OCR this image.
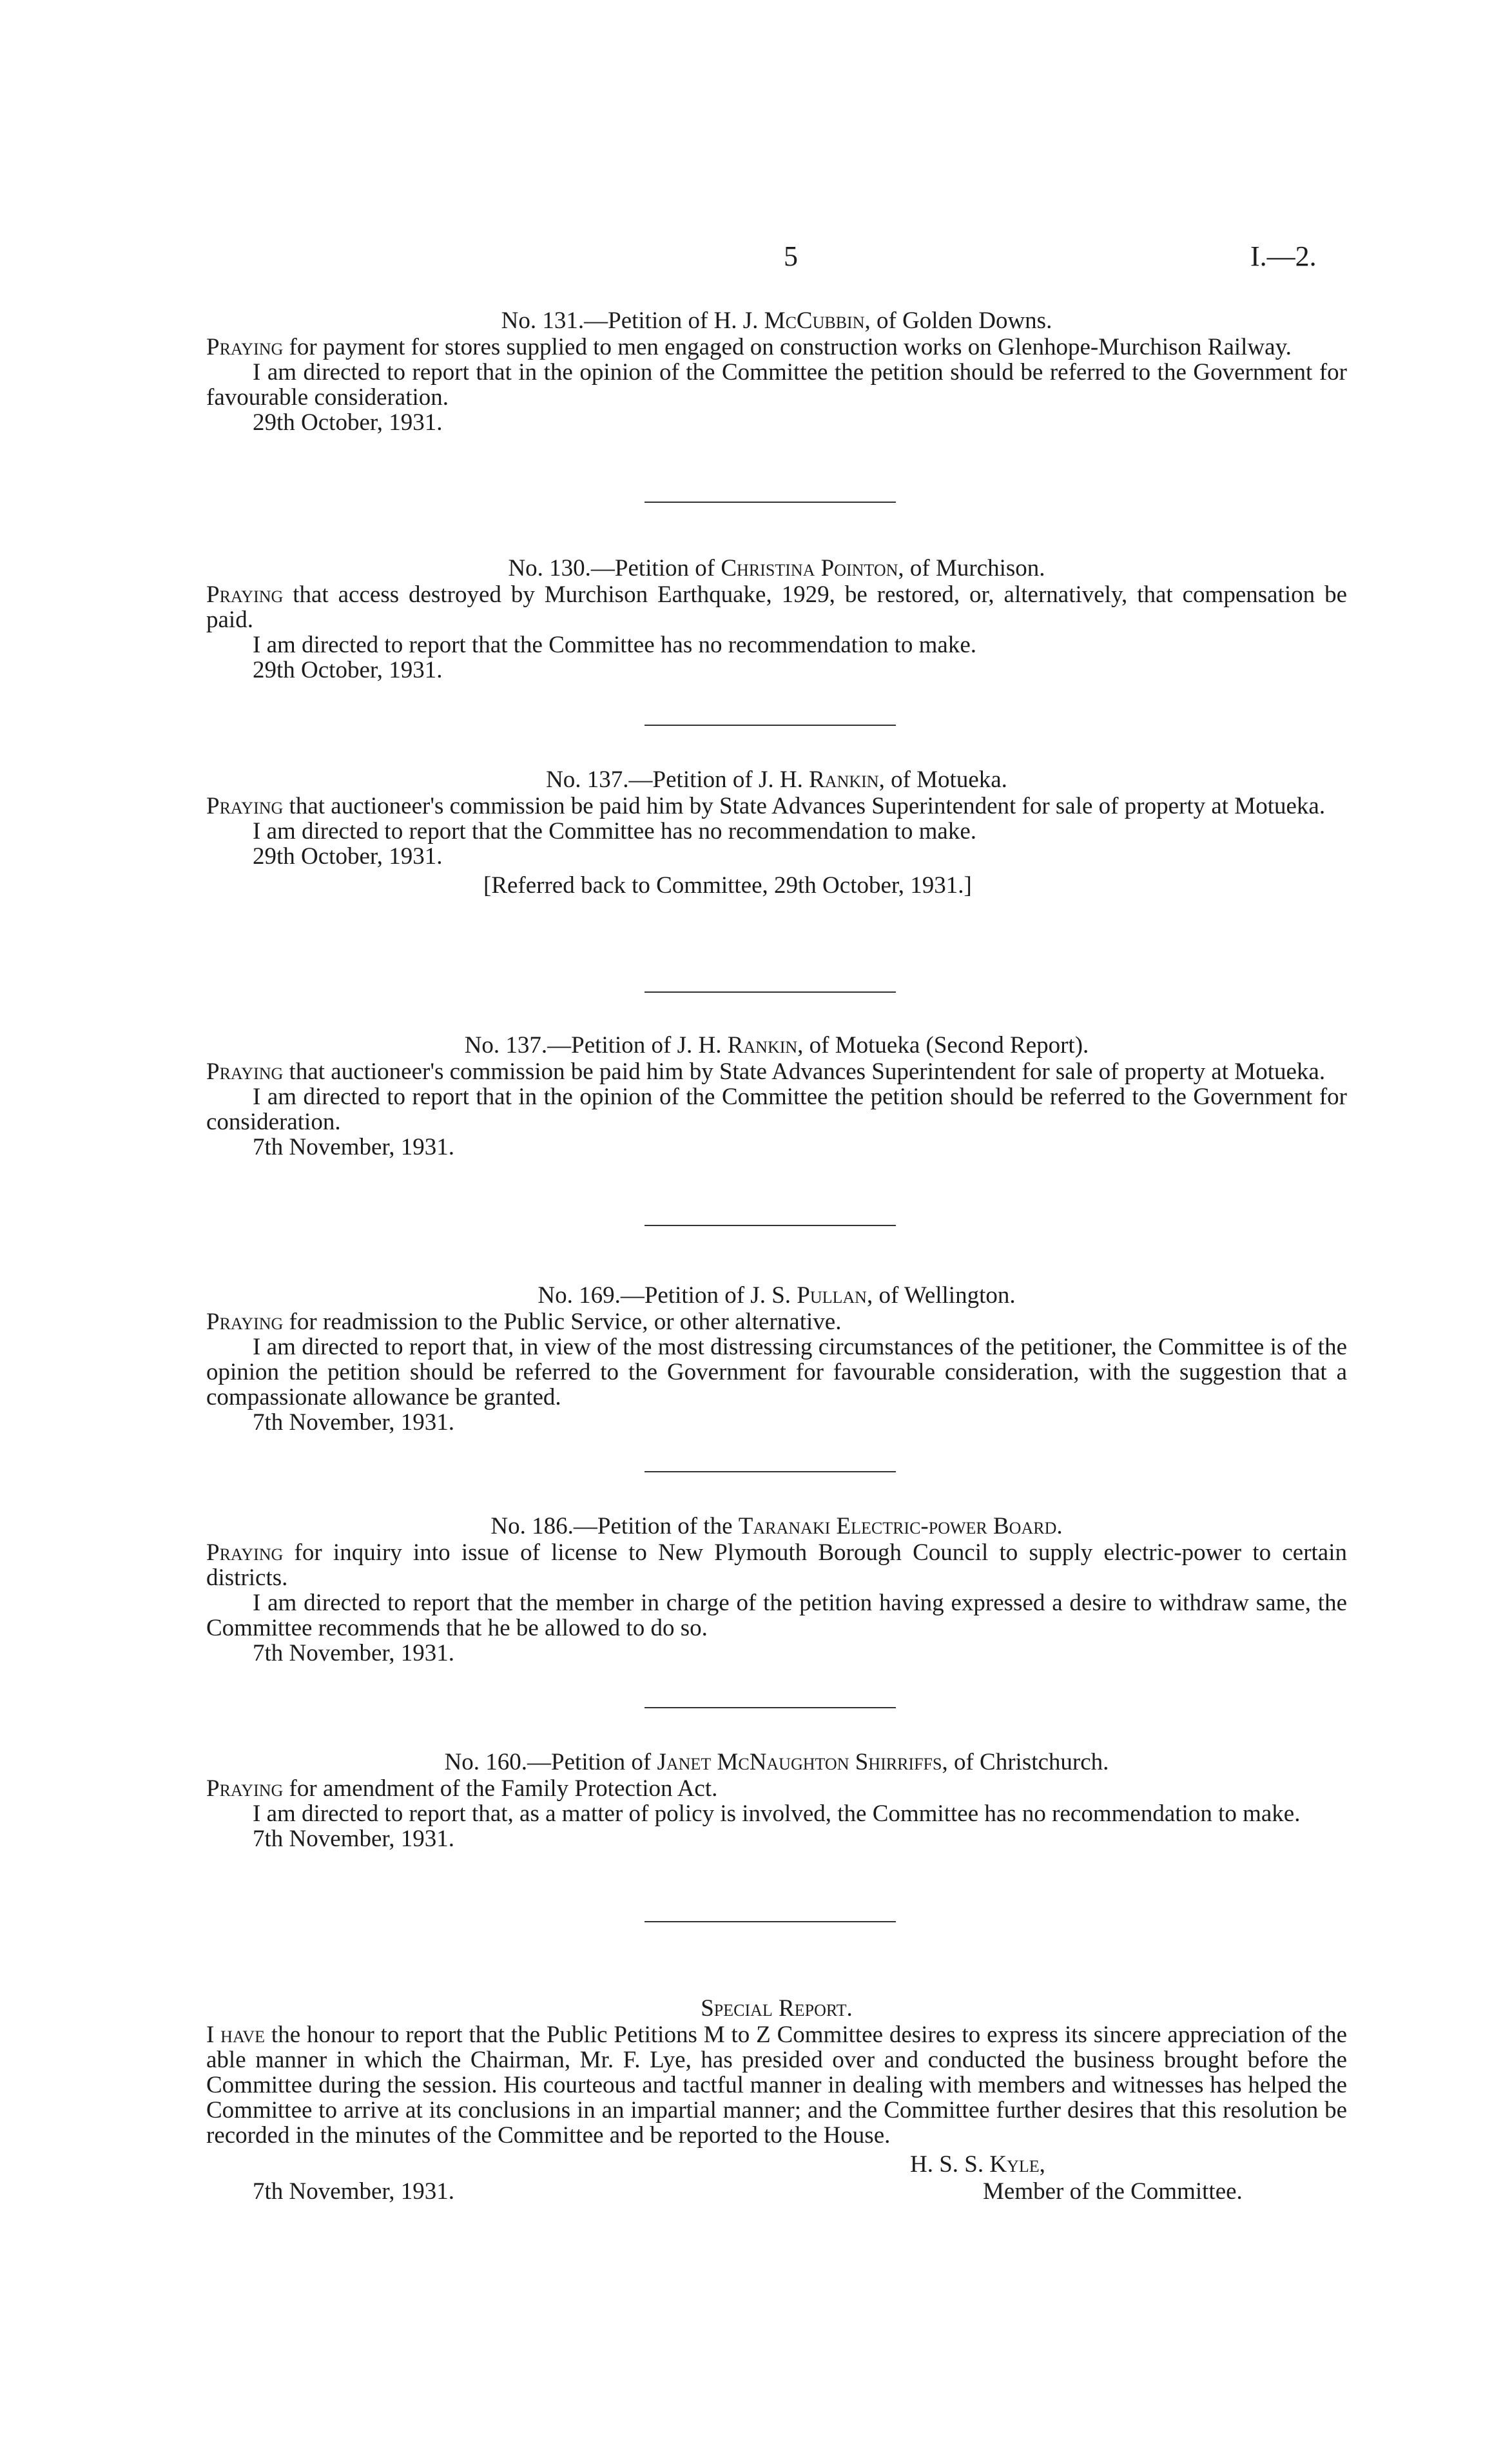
5	I.—2.
No. 131.—Petition of H. J. McCubbin, of Golden Downs.

Praying for payment for stores supplied to men engaged on construction works on Glenhope-Murchison Railway.

I am directed to report that in the opinion of the Committee the petition should be referred to the Government for favourable consideration.

29th October, 1931.

No. 130.—Petition of Christina Pointon, of Murchison.

Praying that access destroyed by Murchison Earthquake, 1929, be restored, or, alternatively, that compensation be paid.

I am directed to report that the Committee has no recommendation to make.

29th October, 1931.

No. 137.—Petition of J. H. Rankin, of Motueka.

Praying that auctioneer's commission be paid him by State Advances Superintendent for sale of property at Motueka.

I am directed to report that the Committee has no recommendation to make.

29th October, 1931.

[Referred back to Committee, 29th October, 1931.]

No. 137.—Petition of J. H. Rankin, of Motueka (Second Report).

Praying that auctioneer's commission be paid him by State Advances Superintendent for sale of property at Motueka.

I am directed to report that in the opinion of the Committee the petition should be referred to the Government for consideration.

7th November, 1931.

No. 169.—Petition of J. S. Pullan, of Wellington.

Praying for readmission to the Public Service, or other alternative.

I am directed to report that, in view of the most distressing circumstances of the petitioner, the Committee is of the opinion the petition should be referred to the Government for favourable consideration, with the suggestion that a compassionate allowance be granted.

7th November, 1931.

No. 186.—Petition of the Taranaki Electric-power Board.

Praying for inquiry into issue of license to New Plymouth Borough Council to supply electric-power to certain districts.

I am directed to report that the member in charge of the petition having expressed a desire to withdraw same, the Committee recommends that he be allowed to do so.

7th November, 1931.

No. 160.—Petition of Janet McNaughton Shirriffs, of Christchurch.

Praying for amendment of the Family Protection Act.

I am directed to report that, as a matter of policy is involved, the Committee has no recommendation to make.

7th November, 1931.

Special Report.

I have the honour to report that the Public Petitions M to Z Committee desires to express its sincere appreciation of the able manner in which the Chairman, Mr. F. Lye, has presided over and conducted the business brought before the Committee during the session. His courteous and tactful manner in dealing with members and witnesses has helped the Committee to arrive at its conclusions in an impartial manner; and the Committee further desires that this resolution be recorded in the minutes of the Committee and be reported to the House.

7th November, 1931.
H. S. S. Kyle,
Member of the Committee.
